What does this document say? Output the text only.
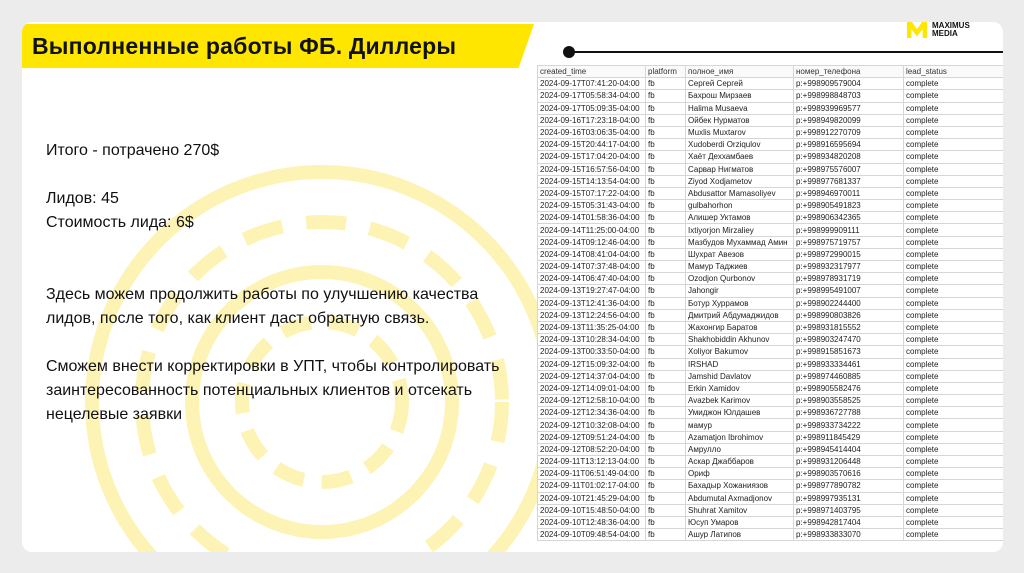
Выполненные работы ФБ. Диллеры
MAXIMUS
MEDIA

Итого - потрачено 270$

Лидов: 45

Стоимость лида: 6$

Здесь можем продолжить работы по улучшению качества лидов, после того, как клиент даст обратную связь.

Сможем внести корректировки в УПТ, чтобы контролировать заинтересованность потенциальных клиентов и отсекать нецелевые заявки

created_time	platform	полное_имя	номер_телефона	lead_status
2024-09-17T07:41:20-04:00	fb	Сергей Сергей	p:+998909579004	complete
2024-09-17T05:58:34-04:00	fb	Бахрош Мирзаев	p:+998998848703	complete
2024-09-17T05:09:35-04:00	fb	Halima Musaeva	p:+998939969577	complete
2024-09-16T17:23:18-04:00	fb	Ойбек Нурматов	p:+998949820099	complete
2024-09-16T03:06:35-04:00	fb	Muxlis Muxtarov	p:+998912270709	complete
2024-09-15T20:44:17-04:00	fb	Xudoberdi Orziqulov	p:+998916595694	complete
2024-09-15T17:04:20-04:00	fb	Хаёт Деххамбаев	p:+998934820208	complete
2024-09-15T16:57:56-04:00	fb	Сарвар Нигматов	p:+998975576007	complete
2024-09-15T14:13:54-04:00	fb	Ziyod Xodjametov	p:+998977681337	complete
2024-09-15T07:17:22-04:00	fb	Abdusattor Mamasoliyev	p:+998946970011	complete
2024-09-15T05:31:43-04:00	fb	gulbahorhon	p:+998905491823	complete
2024-09-14T01:58:36-04:00	fb	Алишер Уктамов	p:+998906342365	complete
2024-09-14T11:25:00-04:00	fb	Ixtiyorjon Mirzaliey	p:+998999909111	complete
2024-09-14T09:12:46-04:00	fb	Мазбудов Мухаммад Амин	p:+998975719757	complete
2024-09-14T08:41:04-04:00	fb	Шухрат Авезов	p:+998972990015	complete
2024-09-14T07:37:48-04:00	fb	Мамур Таджиев	p:+998932317977	complete
2024-09-14T06:47:40-04:00	fb	Ozodjon Qurbonov	p:+998978931719	complete
2024-09-13T19:27:47-04:00	fb	Jahongir	p:+998995491007	complete
2024-09-13T12:41:36-04:00	fb	Ботур Хуррамов	p:+998902244400	complete
2024-09-13T12:24:56-04:00	fb	Дмитрий Абдумаджидов	p:+998990803826	complete
2024-09-13T11:35:25-04:00	fb	Жахонгир Баратов	p:+998931815552	complete
2024-09-13T10:28:34-04:00	fb	Shakhobiddin Akhunov	p:+998903247470	complete
2024-09-13T00:33:50-04:00	fb	Xoliyor Bakumov	p:+998915851673	complete
2024-09-12T15:09:32-04:00	fb	IRSHAD	p:+998933334461	complete
2024-09-12T14:37:04-04:00	fb	Jamshid Davlatov	p:+998974460885	complete
2024-09-12T14:09:01-04:00	fb	Erkin Xamidov	p:+998905582476	complete
2024-09-12T12:58:10-04:00	fb	Avazbek Karimov	p:+998903558525	complete
2024-09-12T12:34:36-04:00	fb	Умиджон Юлдашев	p:+998936727788	complete
2024-09-12T10:32:08-04:00	fb	мамур	p:+998933734222	complete
2024-09-12T09:51:24-04:00	fb	Azamatjon Ibrohimov	p:+998911845429	complete
2024-09-12T08:52:20-04:00	fb	Амрулло	p:+998945414404	complete
2024-09-11T13:12:13-04:00	fb	Аскар Джаббаров	p:+998931206448	complete
2024-09-11T06:51:49-04:00	fb	Ориф	p:+998903570616	complete
2024-09-11T01:02:17-04:00	fb	Бахадыр Хожаниязов	p:+998977890782	complete
2024-09-10T21:45:29-04:00	fb	Abdumutal Axmadjonov	p:+998997935131	complete
2024-09-10T15:48:50-04:00	fb	Shuhrat Xamitov	p:+998971403795	complete
2024-09-10T12:48:36-04:00	fb	Юсуп Умаров	p:+998942817404	complete
2024-09-10T09:48:54-04:00	fb	Ашур Латипов	p:+998933833070	complete
